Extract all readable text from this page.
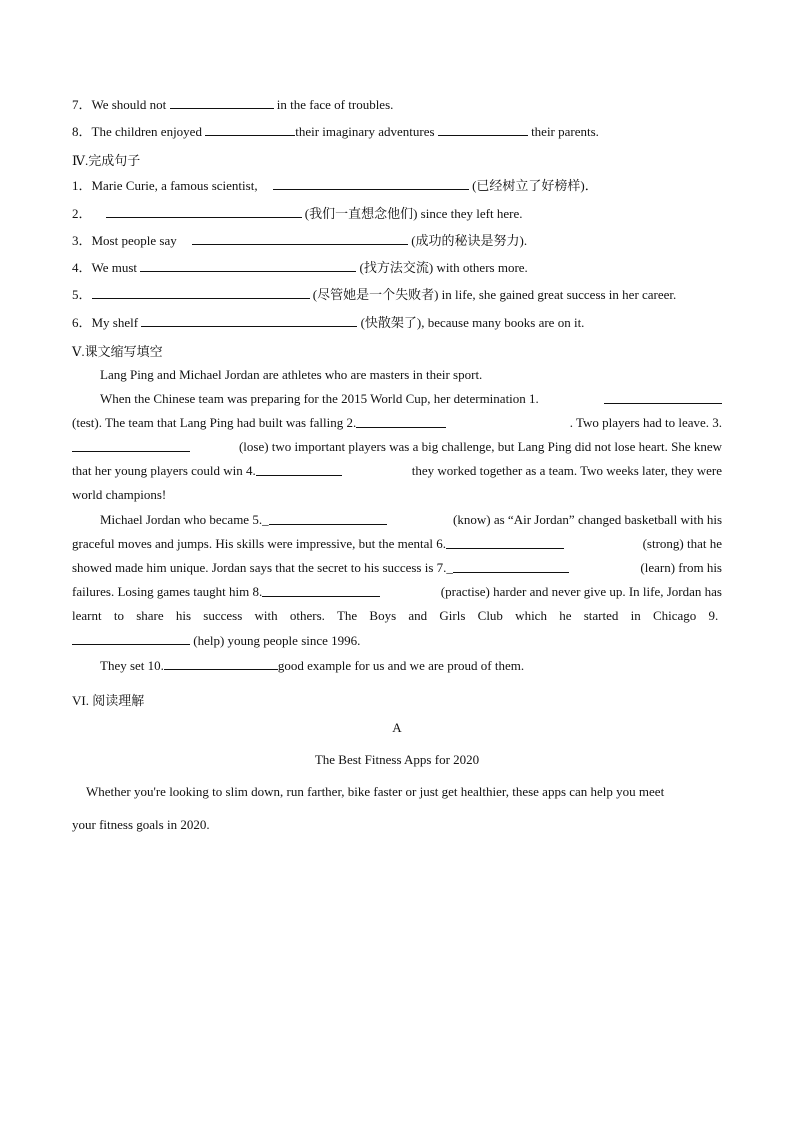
7．We should not	in the face of troubles.
8．The children enjoyed	their imaginary adventures	their parents.
Ⅳ.完成句子
1．Marie Curie, a famous scientist,	(已经树立了好榜样)．
2．	(我们一直想念他们) since they left here.
3．Most people say	(成功的秘诀是努力).
4．We must	(找方法交流) with others more.
5．	(尽管她是一个失败者) in life, she gained great success in her career.
6．My shelf	(快散架了), because many books are on it.
Ⅴ.课文缩写填空
Lang Ping and Michael Jordan are athletes who are masters in their sport.
When the Chinese team was preparing for the 2015 World Cup, her determination 1.
(test). The team that Lang Ping had built was falling 2.	. Two players had to leave. 3.
(lose) two important players was a big challenge, but Lang Ping did not lose heart. She knew
that her young players could win 4.	they worked together as a team. Two weeks later, they were
world champions!
Michael Jordan who became 5._	(know) as “Air Jordan” changed basketball with his
graceful moves and jumps. His skills were impressive, but the mental 6.	(strong) that he
showed made him unique. Jordan says that the secret to his success is 7._	(learn) from his
failures. Losing games taught him 8.	(practise) harder and never give up. In life, Jordan has
learnt to share his success with others. The Boys and Girls Club which he started in Chicago 9.
(help) young people since 1996.
They set 10.	good example for us and we are proud of them.
VI. 阅读理解
A
The Best Fitness Apps for 2020
Whether you're looking to slim down, run farther, bike faster or just get healthier, these apps can help you meet
your fitness goals in 2020.
